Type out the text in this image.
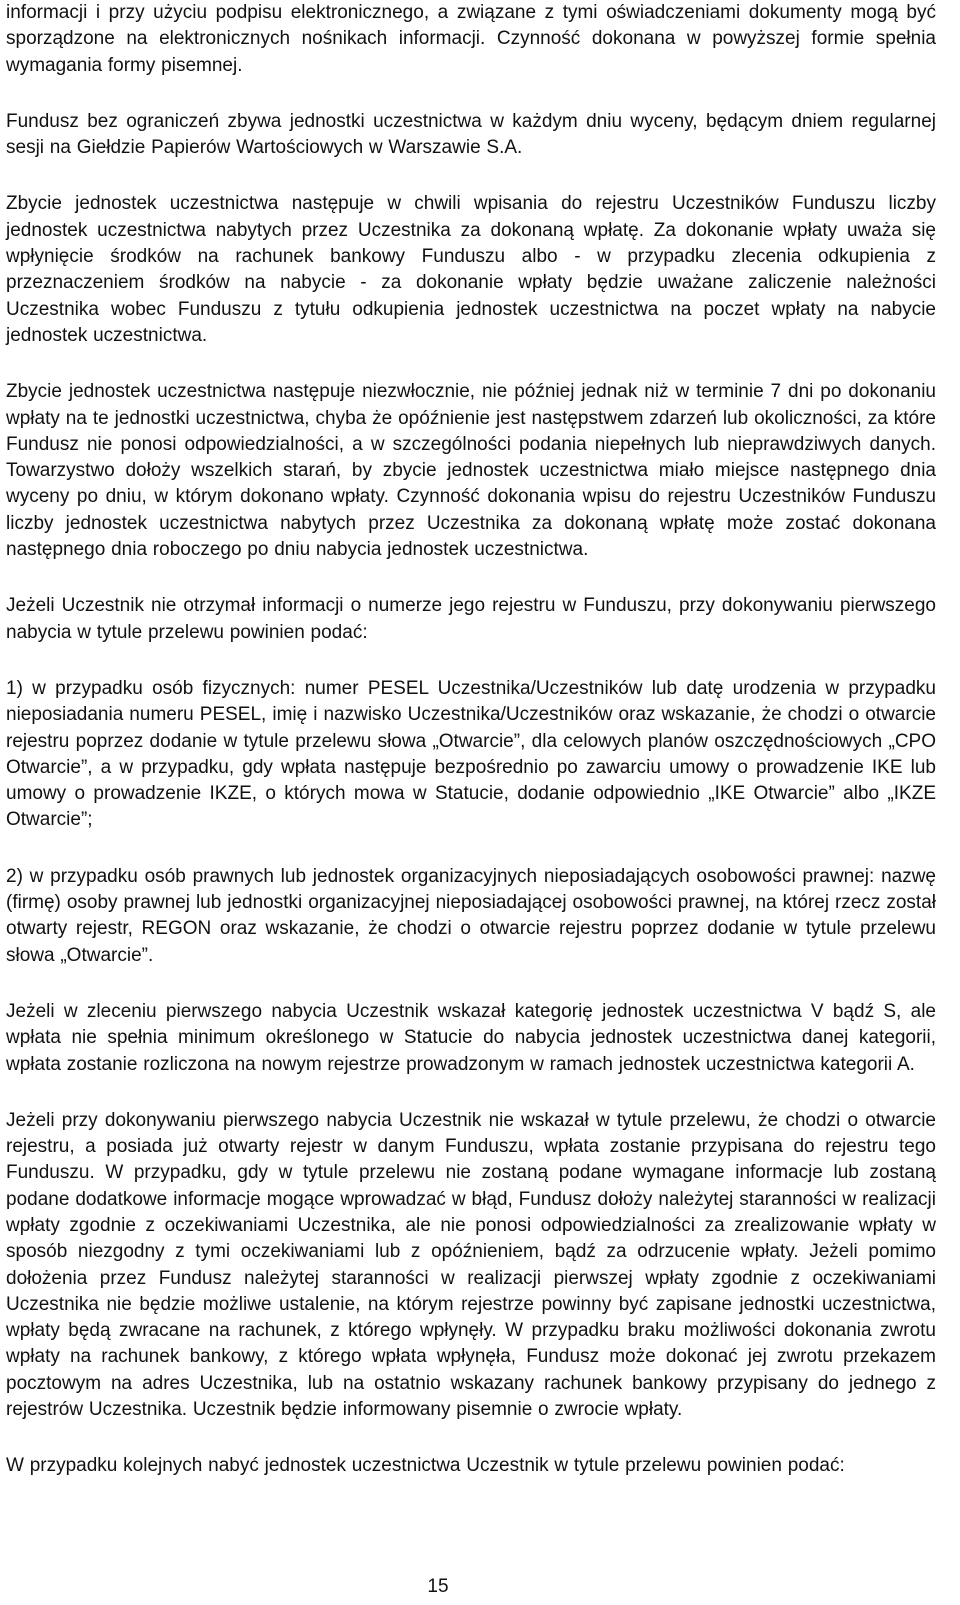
informacji i przy użyciu podpisu elektronicznego, a związane z tymi oświadczeniami dokumenty mogą być sporządzone na elektronicznych nośnikach informacji. Czynność dokonana w powyższej formie spełnia wymagania formy pisemnej.

Fundusz bez ograniczeń zbywa jednostki uczestnictwa w każdym dniu wyceny, będącym dniem regularnej sesji na Giełdzie Papierów Wartościowych w Warszawie S.A.

Zbycie jednostek uczestnictwa następuje w chwili wpisania do rejestru Uczestników Funduszu liczby jednostek uczestnictwa nabytych przez Uczestnika za dokonaną wpłatę. Za dokonanie wpłaty uważa się wpłynięcie środków na rachunek bankowy Funduszu albo - w przypadku zlecenia odkupienia z przeznaczeniem środków na nabycie - za dokonanie wpłaty będzie uważane zaliczenie należności Uczestnika wobec Funduszu z tytułu odkupienia jednostek uczestnictwa na poczet wpłaty na nabycie jednostek uczestnictwa.

Zbycie jednostek uczestnictwa następuje niezwłocznie, nie później jednak niż w terminie 7 dni po dokonaniu wpłaty na te jednostki uczestnictwa, chyba że opóźnienie jest następstwem zdarzeń lub okoliczności, za które Fundusz nie ponosi odpowiedzialności, a w szczególności podania niepełnych lub nieprawdziwych danych. Towarzystwo dołoży wszelkich starań, by zbycie jednostek uczestnictwa miało miejsce następnego dnia wyceny po dniu, w którym dokonano wpłaty. Czynność dokonania wpisu do rejestru Uczestników Funduszu liczby jednostek uczestnictwa nabytych przez Uczestnika za dokonaną wpłatę może zostać dokonana następnego dnia roboczego po dniu nabycia jednostek uczestnictwa.

Jeżeli Uczestnik nie otrzymał informacji o numerze jego rejestru w Funduszu, przy dokonywaniu pierwszego nabycia w tytule przelewu powinien podać:

1) w przypadku osób fizycznych: numer PESEL Uczestnika/Uczestników lub datę urodzenia w przypadku nieposiadania numeru PESEL, imię i nazwisko Uczestnika/Uczestników oraz wskazanie, że chodzi o otwarcie rejestru poprzez dodanie w tytule przelewu słowa „Otwarcie”, dla celowych planów oszczędnościowych „CPO Otwarcie”, a w przypadku, gdy wpłata następuje bezpośrednio po zawarciu umowy o prowadzenie IKE lub umowy o prowadzenie IKZE, o których mowa w Statucie, dodanie odpowiednio „IKE Otwarcie” albo „IKZE Otwarcie”;

2) w przypadku osób prawnych lub jednostek organizacyjnych nieposiadających osobowości prawnej: nazwę (firmę) osoby prawnej lub jednostki organizacyjnej nieposiadającej osobowości prawnej, na której rzecz został otwarty rejestr, REGON oraz wskazanie, że chodzi o otwarcie rejestru poprzez dodanie w tytule przelewu słowa „Otwarcie”.

Jeżeli w zleceniu pierwszego nabycia Uczestnik wskazał kategorię jednostek uczestnictwa V bądź S, ale wpłata nie spełnia minimum określonego w Statucie do nabycia jednostek uczestnictwa danej kategorii, wpłata zostanie rozliczona na nowym rejestrze prowadzonym w ramach jednostek uczestnictwa kategorii A.

Jeżeli przy dokonywaniu pierwszego nabycia Uczestnik nie wskazał w tytule przelewu, że chodzi o otwarcie rejestru, a posiada już otwarty rejestr w danym Funduszu, wpłata zostanie przypisana do rejestru tego Funduszu. W przypadku, gdy w tytule przelewu nie zostaną podane wymagane informacje lub zostaną podane dodatkowe informacje mogące wprowadzać w błąd, Fundusz dołoży należytej staranności w realizacji wpłaty zgodnie z oczekiwaniami Uczestnika, ale nie ponosi odpowiedzialności za zrealizowanie wpłaty w sposób niezgodny z tymi oczekiwaniami lub z opóźnieniem, bądź za odrzucenie wpłaty. Jeżeli pomimo dołożenia przez Fundusz należytej staranności w realizacji pierwszej wpłaty zgodnie z oczekiwaniami Uczestnika nie będzie możliwe ustalenie, na którym rejestrze powinny być zapisane jednostki uczestnictwa, wpłaty będą zwracane na rachunek, z którego wpłynęły. W przypadku braku możliwości dokonania zwrotu wpłaty na rachunek bankowy, z którego wpłata wpłynęła, Fundusz może dokonać jej zwrotu przekazem pocztowym na adres Uczestnika, lub na ostatnio wskazany rachunek bankowy przypisany do jednego z rejestrów Uczestnika. Uczestnik będzie informowany pisemnie o zwrocie wpłaty.

W przypadku kolejnych nabyć jednostek uczestnictwa Uczestnik w tytule przelewu powinien podać:

15
